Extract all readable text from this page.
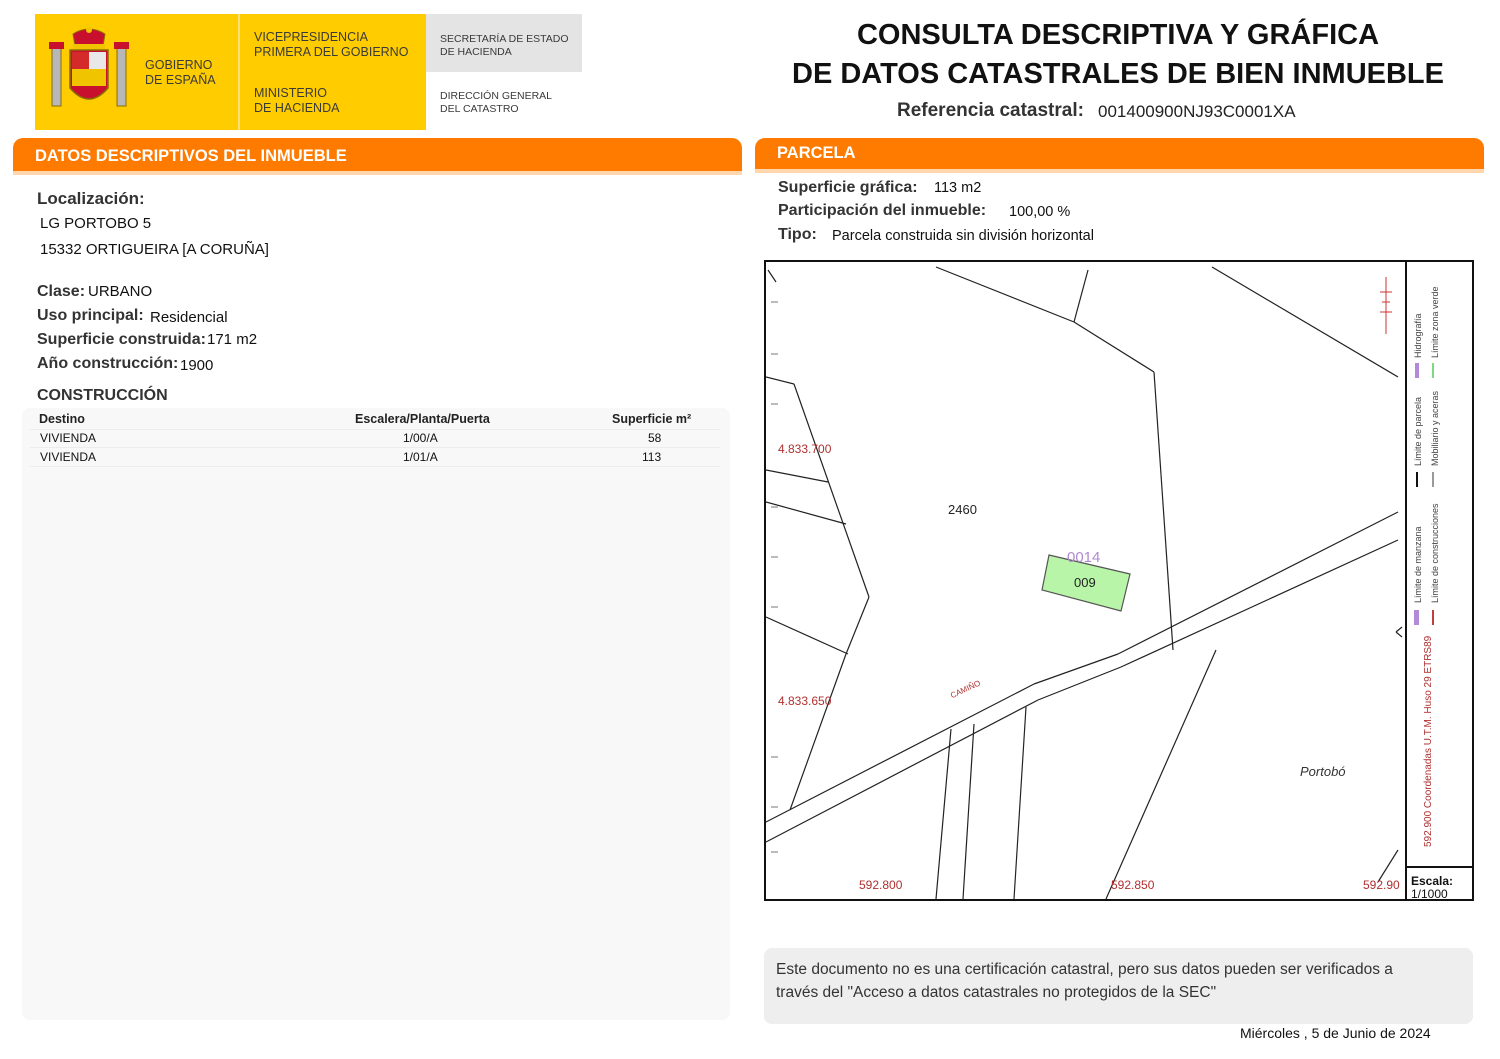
GOBIERNO
DE ESPAÑA
VICEPRESIDENCIA
PRIMERA DEL GOBIERNO
MINISTERIO
DE HACIENDA
SECRETARÍA DE ESTADO
DE HACIENDA
DIRECCIÓN GENERAL
DEL CATASTRO
CONSULTA DESCRIPTIVA Y GRÁFICA
DE DATOS CATASTRALES DE BIEN INMUEBLE
Referencia catastral: 001400900NJ93C0001XA
DATOS DESCRIPTIVOS DEL INMUEBLE
Localización:
LG PORTOBO 5
15332 ORTIGUEIRA [A CORUÑA]
Clase: URBANO
Uso principal: Residencial
Superficie construida: 171 m2
Año construcción: 1900
CONSTRUCCIÓN
Destino	Escalera/Planta/Puerta	Superficie m²
VIVIENDA	1/00/A	58
VIVIENDA	1/01/A	113
PARCELA
Superficie gráfica: 113 m2
Participación del inmueble: 100,00 %
Tipo: Parcela construida sin división horizontal
2460
0014
009
CAMIÑO
Portobó
4.833.700
4.833.650
592.800	592.850	592.90
592.900 Coordenadas U.T.M. Huso 29 ETRS89
Límite de manzana
Límite de parcela
Hidrografía
Límite de construcciones
Mobiliario y aceras
Límite zona verde
Escala:
1/1000
Este documento no es una certificación catastral, pero sus datos pueden ser verificados a
través del "Acceso a datos catastrales no protegidos de la SEC"
Miércoles , 5 de Junio de 2024
